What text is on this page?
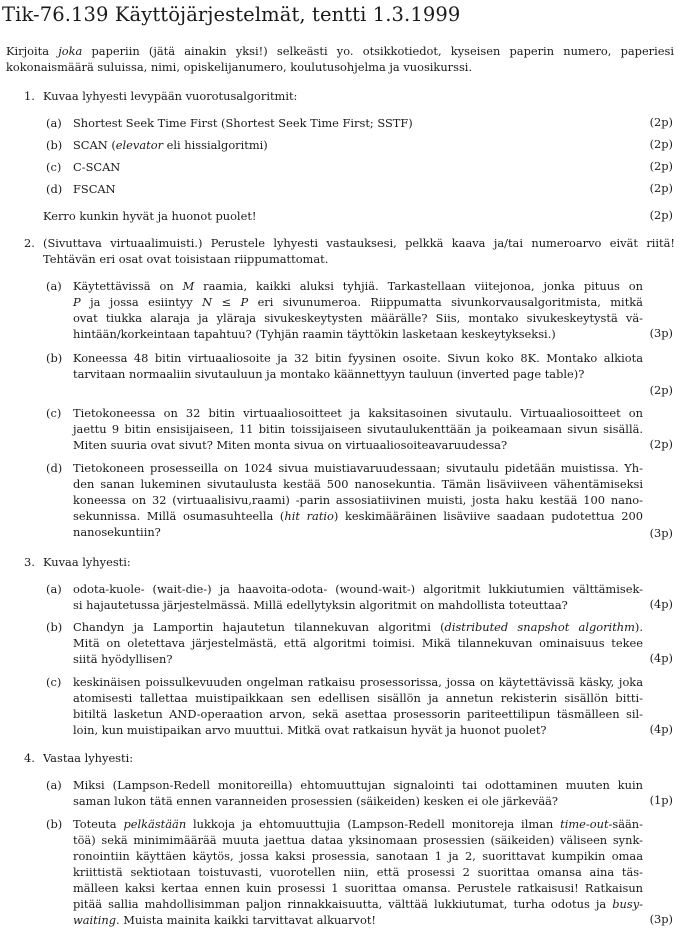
Tik-76.139 Käyttöjärjestelmät, tentti 1.3.1999
Kirjoita joka paperiin (jätä ainakin yksi!) selkeästi yo. otsikkotiedot, kyseisen paperin numero, paperiesi
kokonaismäärä suluissa, nimi, opiskelijanumero, koulutusohjelma ja vuosikurssi.
1. Kuvaa lyhyesti levypään vuorotusalgoritmit:
(a) Shortest Seek Time First (Shortest Seek Time First; SSTF)	(2p)
(b) SCAN (elevator eli hissialgoritmi)	(2p)
(c) C-SCAN	(2p)
(d) FSCAN	(2p)
Kerro kunkin hyvät ja huonot puolet!	(2p)
2. (Sivuttava virtuaalimuisti.) Perustele lyhyesti vastauksesi, pelkkä kaava ja/tai numeroarvo eivät riitä!
Tehtävän eri osat ovat toisistaan riippumattomat.
(a) Käytettävissä on M raamia, kaikki aluksi tyhjiä. Tarkastellaan viitejonoa, jonka pituus on
P ja jossa esiintyy N ≤ P eri sivunumeroa. Riippumatta sivunkorvausalgoritmista, mitkä
ovat tiukka alaraja ja yläraja sivukeskeytysten määrälle? Siis, montako sivukeskeytystä vä-
hintään/korkeintaan tapahtuu? (Tyhjän raamin täyttökin lasketaan keskeytykseksi.)	(3p)
(b) Koneessa 48 bitin virtuaaliosoite ja 32 bitin fyysinen osoite. Sivun koko 8K. Montako alkiota
tarvitaan normaaliin sivutauluun ja montako käännettyyn tauluun (inverted page table)?
(2p)
(c) Tietokoneessa on 32 bitin virtuaaliosoitteet ja kaksitasoinen sivutaulu. Virtuaaliosoitteet on
jaettu 9 bitin ensisijaiseen, 11 bitin toissijaiseen sivutaulukenttään ja poikeamaan sivun sisällä.
Miten suuria ovat sivut? Miten monta sivua on virtuaaliosoiteavaruudessa?	(2p)
(d) Tietokoneen prosesseilla on 1024 sivua muistiavaruudessaan; sivutaulu pidetään muistissa. Yh-
den sanan lukeminen sivutaulusta kestää 500 nanosekuntia. Tämän lisäviiveen vähentämiseksi
koneessa on 32 (virtuaalisivu,raami) -parin assosiatiivinen muisti, josta haku kestää 100 nano-
sekunnissa. Millä osumasuhteella (hit ratio) keskimääräinen lisäviive saadaan pudotettua 200
nanosekuntiin?	(3p)
3. Kuvaa lyhyesti:
(a) odota-kuole- (wait-die-) ja haavoita-odota- (wound-wait-) algoritmit lukkiutumien välttämisek-
si hajautetussa järjestelmässä. Millä edellytyksin algoritmit on mahdollista toteuttaa?	(4p)
(b) Chandyn ja Lamportin hajautetun tilannekuvan algoritmi (distributed snapshot algorithm).
Mitä on oletettava järjestelmästä, että algoritmi toimisi. Mikä tilannekuvan ominaisuus tekee
siitä hyödyllisen?	(4p)
(c) keskinäisen poissulkevuuden ongelman ratkaisu prosessorissa, jossa on käytettävissä käsky, joka
atomisesti tallettaa muistipaikkaan sen edellisen sisällön ja annetun rekisterin sisällön bitti-
bitiltä lasketun AND-operaation arvon, sekä asettaa prosessorin pariteettilipun täsmälleen sil-
loin, kun muistipaikan arvo muuttui. Mitkä ovat ratkaisun hyvät ja huonot puolet?	(4p)
4. Vastaa lyhyesti:
(a) Miksi (Lampson-Redell monitoreilla) ehtomuuttujan signalointi tai odottaminen muuten kuin
saman lukon tätä ennen varanneiden prosessien (säikeiden) kesken ei ole järkevää?	(1p)
(b) Toteuta pelkästään lukkoja ja ehtomuuttujia (Lampson-Redell monitoreja ilman time-out-sään-
töä) sekä minimimäärää muuta jaettua dataa yksinomaan prosessien (säikeiden) väliseen synk-
ronointiin käyttäen käytös, jossa kaksi prosessia, sanotaan 1 ja 2, suorittavat kumpikin omaa
kriittistä sektiotaan toistuvasti, vuorotellen niin, että prosessi 2 suorittaa omansa aina täs-
mälleen kaksi kertaa ennen kuin prosessi 1 suorittaa omansa. Perustele ratkaisusi! Ratkaisun
pitää sallia mahdollisimman paljon rinnakkaisuutta, välttää lukkiutumat, turha odotus ja busy-
waiting. Muista mainita kaikki tarvittavat alkuarvot!	(3p)
